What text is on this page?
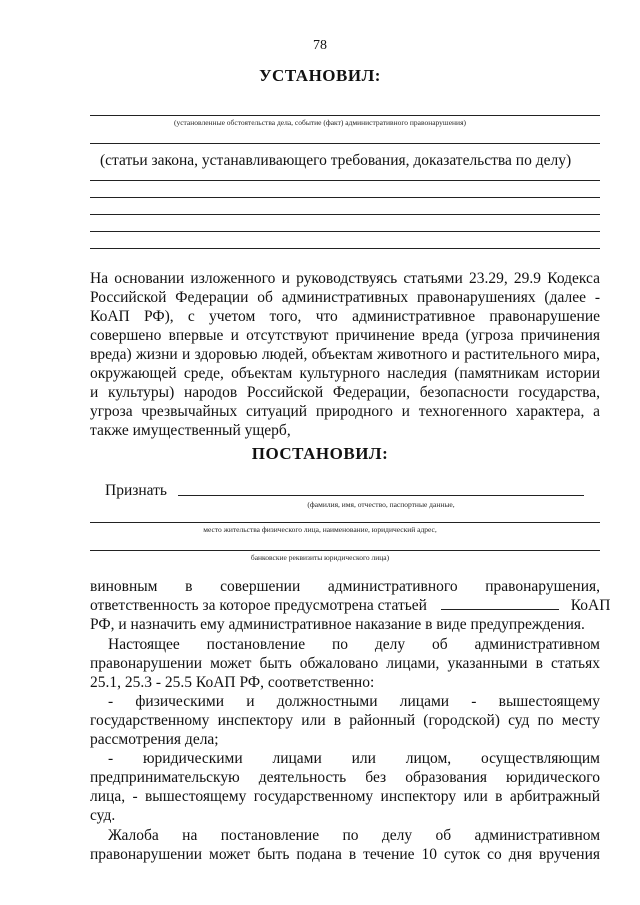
78
УСТАНОВИЛ:
(установленные обстоятельства дела, событие (факт) административного правонарушения)
(статьи закона, устанавливающего требования, доказательства по делу)
На основании изложенного и руководствуясь статьями 23.29, 29.9 Кодекса
Российской Федерации об административных правонарушениях (далее -
КоАП РФ), с учетом того, что административное правонарушение
совершено впервые и отсутствуют причинение вреда (угроза причинения
вреда) жизни и здоровью людей, объектам животного и растительного мира,
окружающей среде, объектам культурного наследия (памятникам истории
и культуры) народов Российской Федерации, безопасности государства,
угроза чрезвычайных ситуаций природного и техногенного характера, а
также имущественный ущерб,
ПОСТАНОВИЛ:
Признать
(фамилия, имя, отчество, паспортные данные,
место жительства физического лица, наименование, юридический адрес,
банковские реквизиты юридического лица)
виновным в совершении административного правонарушения,
ответственность за которое предусмотрена статьей	КоАП
РФ, и назначить ему административное наказание в виде предупреждения.
Настоящее постановление по делу об административном
правонарушении может быть обжаловано лицами, указанными в статьях
25.1, 25.3 - 25.5 КоАП РФ, соответственно:
- физическими и должностными лицами - вышестоящему
государственному инспектору или в районный (городской) суд по месту
рассмотрения дела;
- юридическими лицами или лицом, осуществляющим
предпринимательскую деятельность без образования юридического
лица, - вышестоящему государственному инспектору или в арбитражный
суд.
Жалоба на постановление по делу об административном
правонарушении может быть подана в течение 10 суток со дня вручения
